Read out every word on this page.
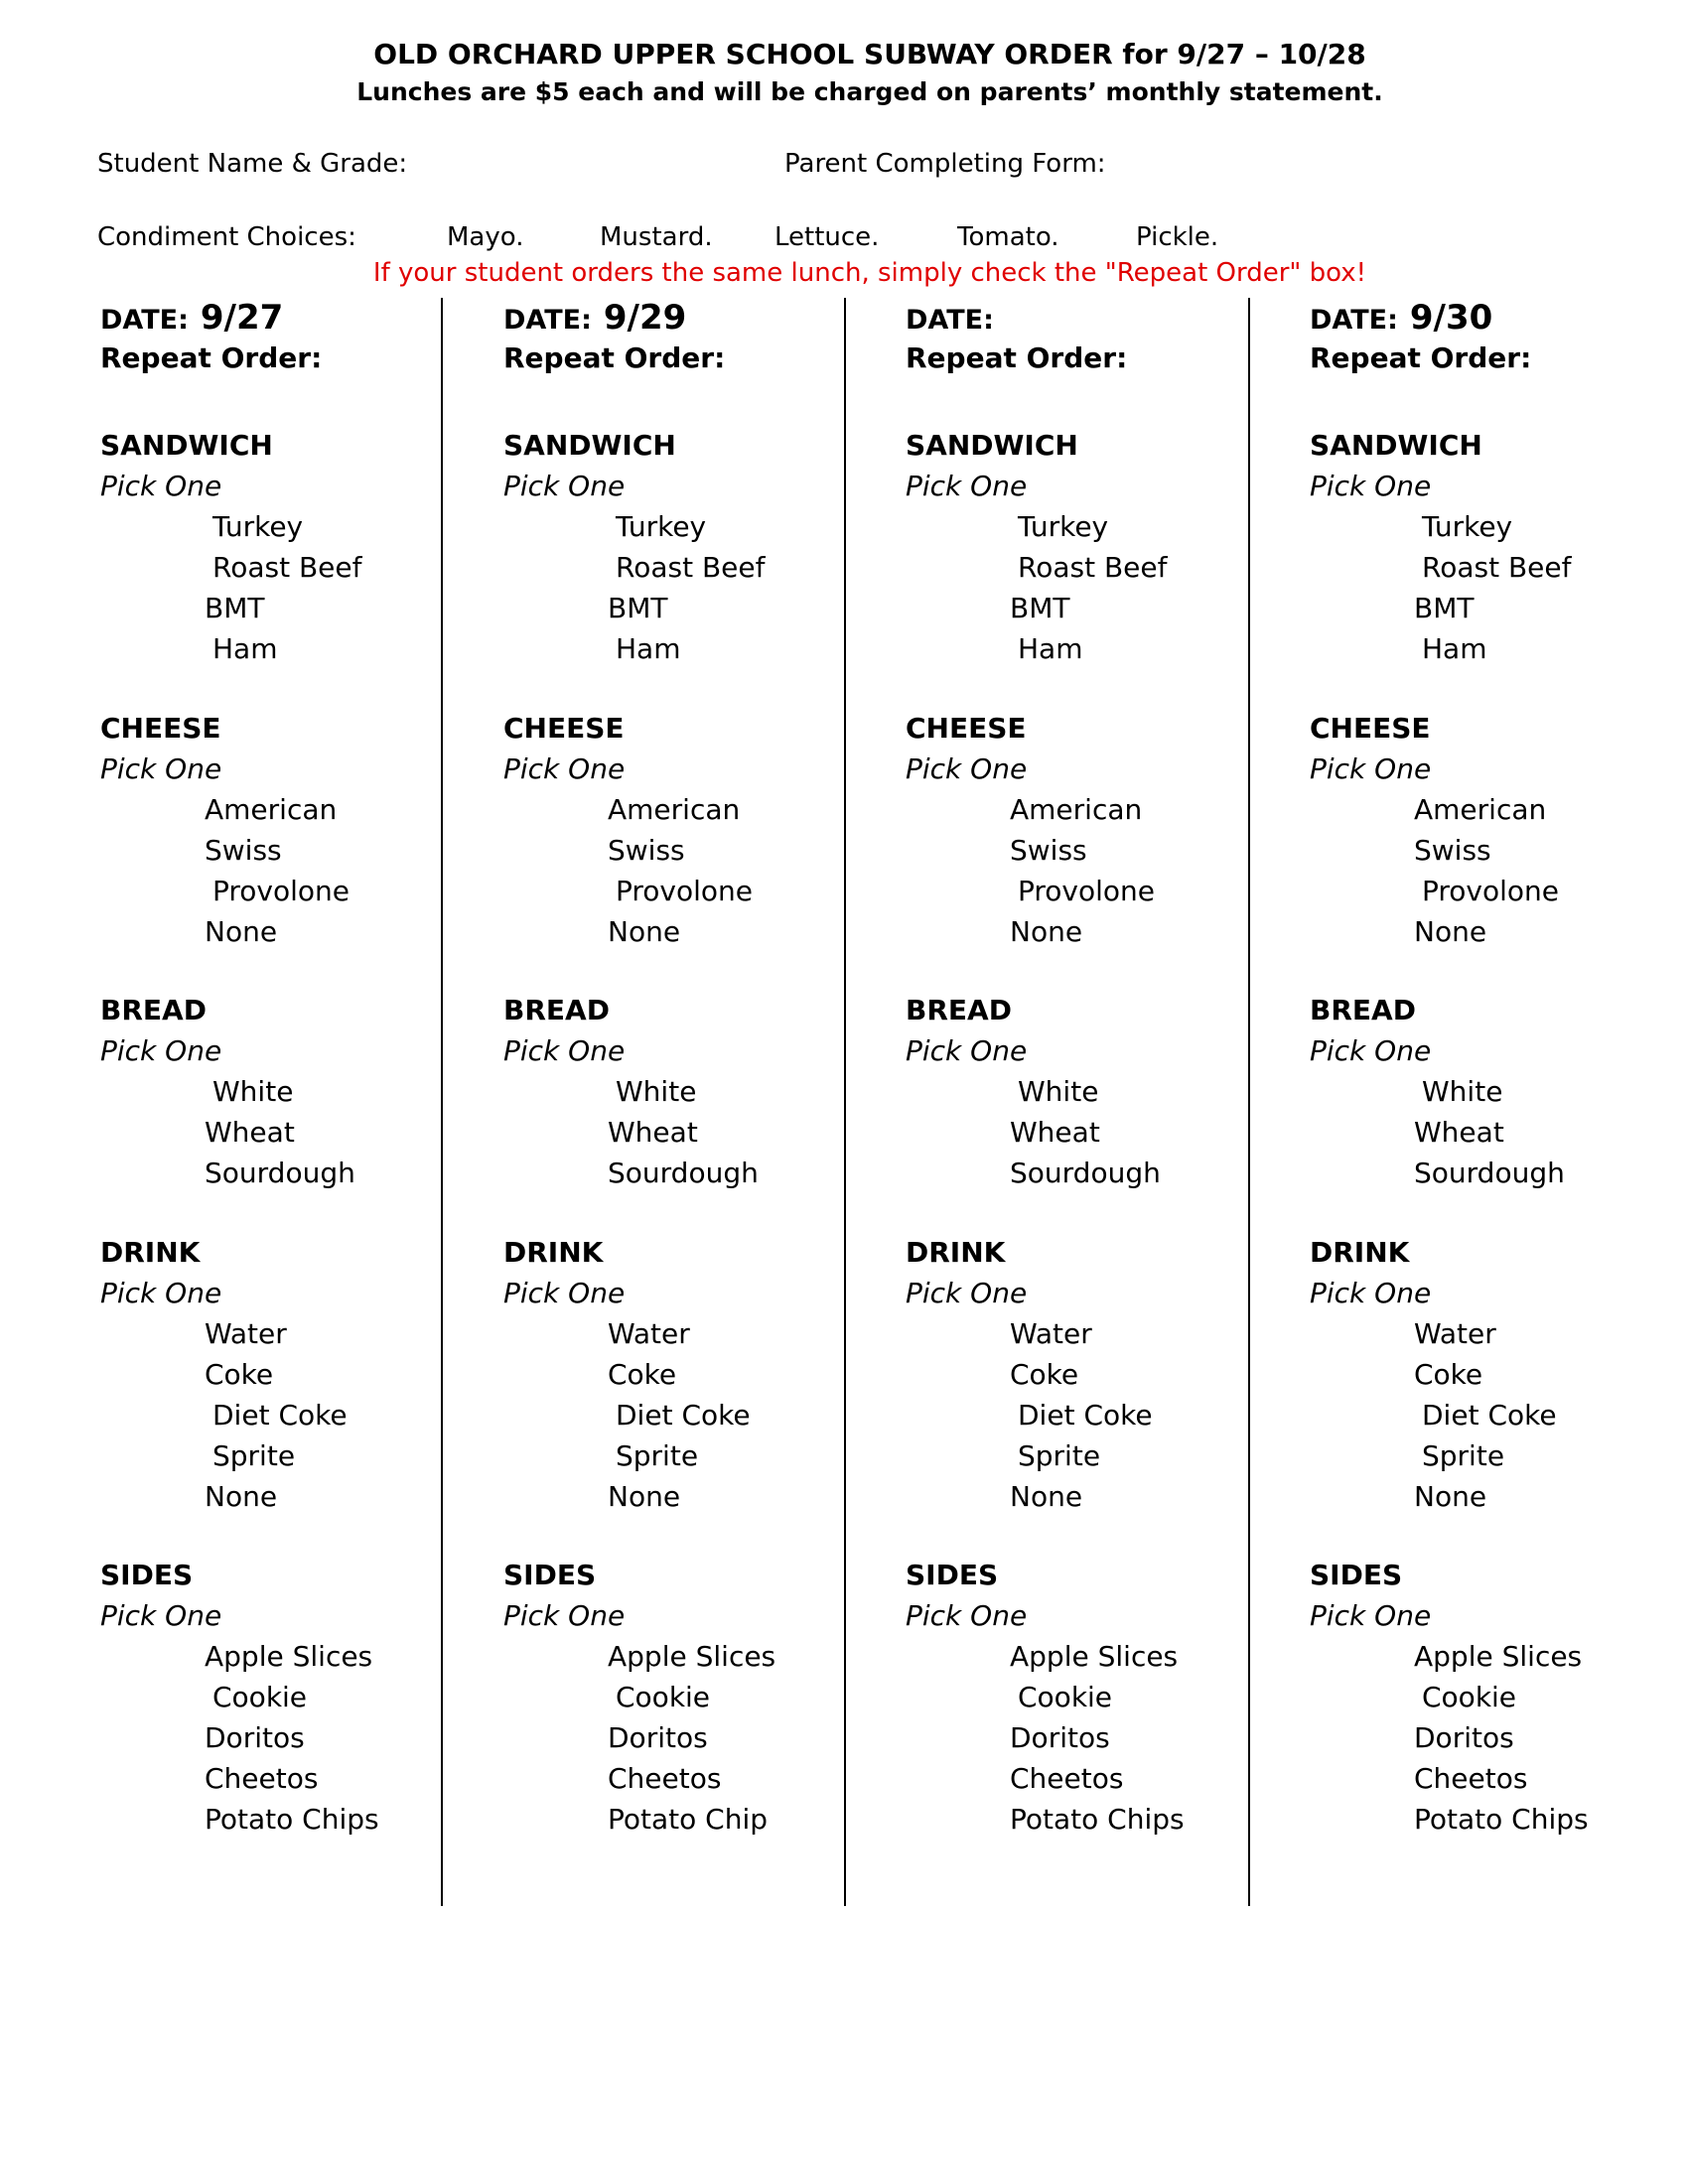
OLD ORCHARD UPPER SCHOOL SUBWAY ORDER for 9/27 – 10/28
Lunches are $5 each and will be charged on parents’ monthly statement.
Student Name & Grade:	Parent Completing Form:
Condiment Choices:	Mayo.	Mustard. Lettuce.	Tomato.	Pickle.
If your student orders the same lunch, simply check the "Repeat Order" box!
DATE: 9/27
Repeat Order:
SANDWICH
Pick One
Turkey
Roast Beef
BMT
Ham
CHEESE
Pick One
American
Swiss
Provolone
None
BREAD
Pick One
White
Wheat
Sourdough
DRINK
Pick One
Water
Coke
Diet Coke
Sprite
None
SIDES
Pick One
Apple Slices
Cookie
Doritos
Cheetos
Potato Chips
DATE: 9/29
Repeat Order:
SANDWICH
Pick One
Turkey
Roast Beef
BMT
Ham
CHEESE
Pick One
American
Swiss
Provolone
None
BREAD
Pick One
White
Wheat
Sourdough
DRINK
Pick One
Water
Coke
Diet Coke
Sprite
None
SIDES
Pick One
Apple Slices
Cookie
Doritos
Cheetos
Potato Chip
DATE:
Repeat Order:
SANDWICH
Pick One
Turkey
Roast Beef
BMT
Ham
CHEESE
Pick One
American
Swiss
Provolone
None
BREAD
Pick One
White
Wheat
Sourdough
DRINK
Pick One
Water
Coke
Diet Coke
Sprite
None
SIDES
Pick One
Apple Slices
Cookie
Doritos
Cheetos
Potato Chips
DATE: 9/30
Repeat Order:
SANDWICH
Pick One
Turkey
Roast Beef
BMT
Ham
CHEESE
Pick One
American
Swiss
Provolone
None
BREAD
Pick One
White
Wheat
Sourdough
DRINK
Pick One
Water
Coke
Diet Coke
Sprite
None
SIDES
Pick One
Apple Slices
Cookie
Doritos
Cheetos
Potato Chips
